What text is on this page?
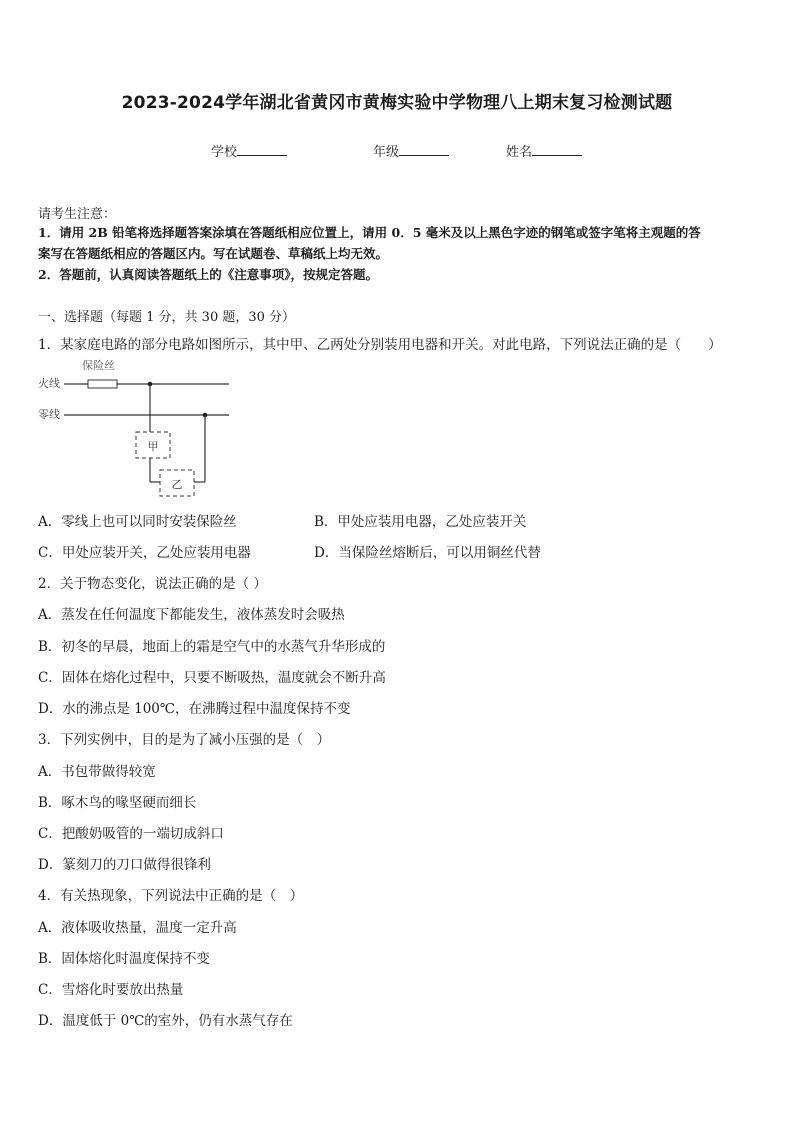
2023-2024学年湖北省黄冈市黄梅实验中学物理八上期末复习检测试题
学校	年级	姓名
请考生注意：
1．请用 2B 铅笔将选择题答案涂填在答题纸相应位置上，请用 0．5 毫米及以上黑色字迹的钢笔或签字笔将主观题的答
案写在答题纸相应的答题区内。写在试题卷、草稿纸上均无效。
2．答题前，认真阅读答题纸上的《注意事项》，按规定答题。
一、选择题（每题 1 分，共 30 题，30 分）
1．某家庭电路的部分电路如图所示，其中甲、乙两处分别装用电器和开关。对此电路，下列说法正确的是（　　）
保险丝
火线
零线
甲
乙
A．零线上也可以同时安装保险丝	B．甲处应装用电器，乙处应装开关
C．甲处应装开关，乙处应装用电器	D．当保险丝熔断后，可以用铜丝代替
2．关于物态变化，说法正确的是（ ）
A．蒸发在任何温度下都能发生，液体蒸发时会吸热
B．初冬的早晨，地面上的霜是空气中的水蒸气升华形成的
C．固体在熔化过程中，只要不断吸热，温度就会不断升高
D．水的沸点是 100℃，在沸腾过程中温度保持不变
3．下列实例中，目的是为了减小压强的是（　）
A．书包带做得较宽
B．啄木鸟的喙坚硬而细长
C．把酸奶吸管的一端切成斜口
D．篆刻刀的刀口做得很锋利
4．有关热现象，下列说法中正确的是（　）
A．液体吸收热量，温度一定升高
B．固体熔化时温度保持不变
C．雪熔化时要放出热量
D．温度低于 0℃的室外，仍有水蒸气存在
